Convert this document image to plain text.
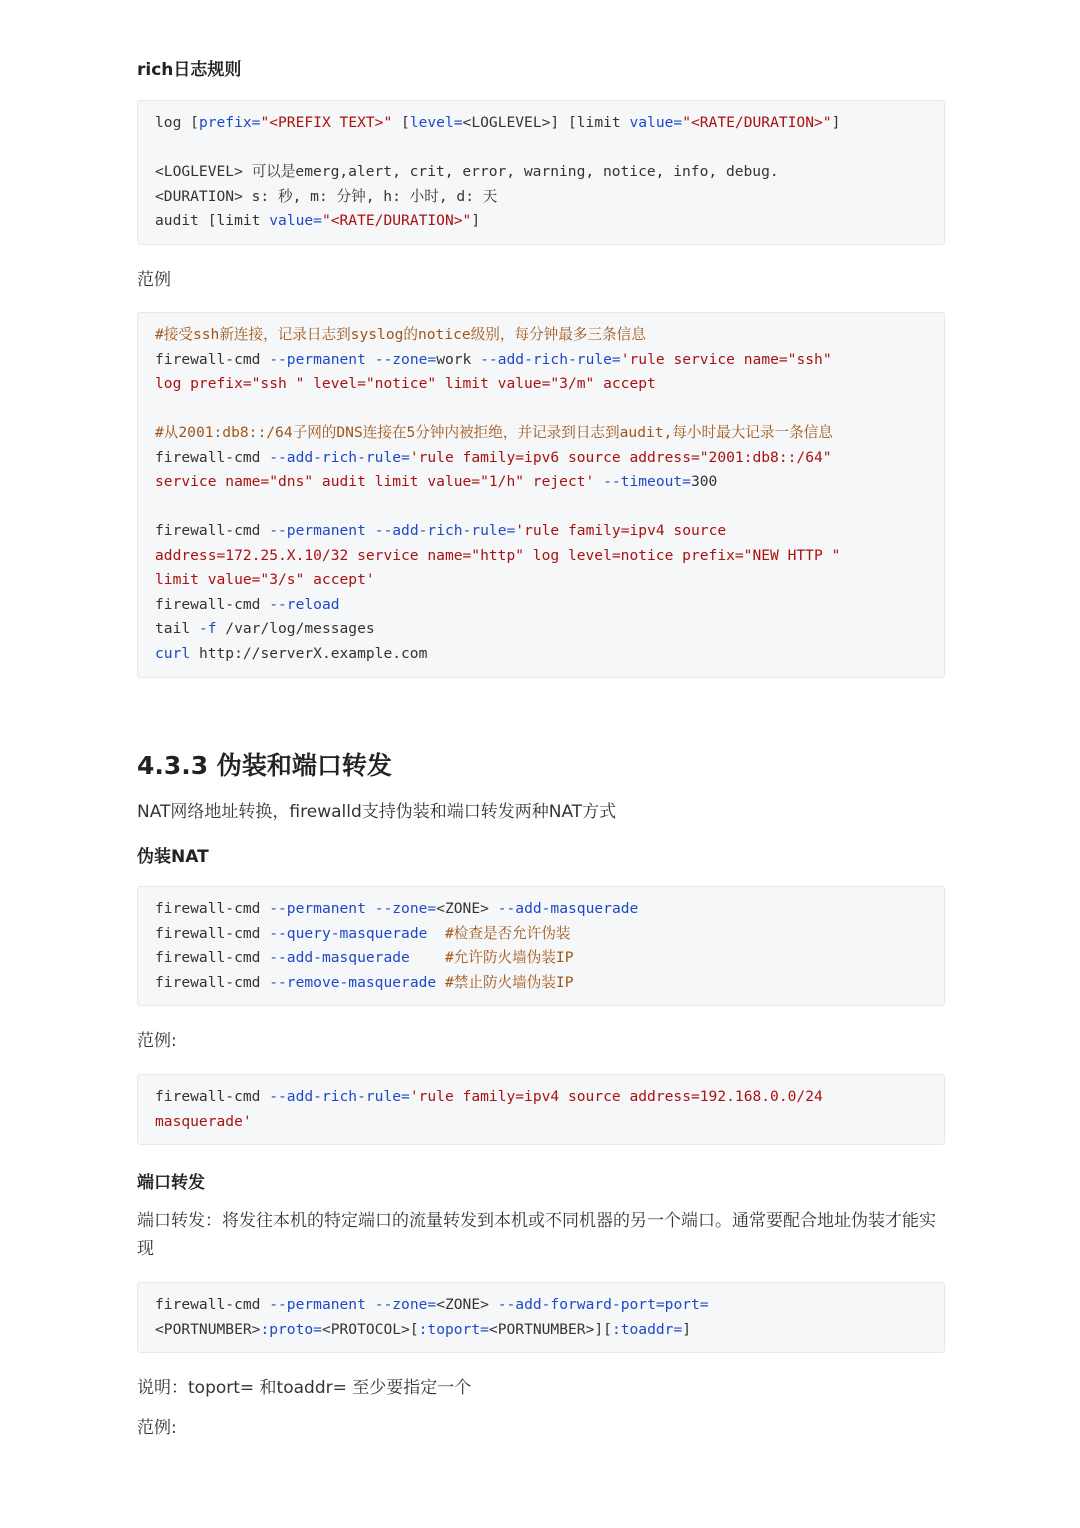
rich日志规则
log [prefix="<PREFIX TEXT>" [level=<LOGLEVEL>] [limit value="<RATE/DURATION>"]

<LOGLEVEL> 可以是emerg,alert, crit, error, warning, notice, info, debug.
<DURATION> s: 秒, m: 分钟, h: 小时, d: 天
audit [limit value="<RATE/DURATION>"]

范例

#接受ssh新连接，记录日志到syslog的notice级别，每分钟最多三条信息
firewall-cmd --permanent --zone=work --add-rich-rule='rule service name="ssh"
log prefix="ssh " level="notice" limit value="3/m" accept

#从2001:db8::/64子网的DNS连接在5分钟内被拒绝，并记录到日志到audit,每小时最大记录一条信息
firewall-cmd --add-rich-rule='rule family=ipv6 source address="2001:db8::/64"
service name="dns" audit limit value="1/h" reject' --timeout=300

firewall-cmd --permanent --add-rich-rule='rule family=ipv4 source
address=172.25.X.10/32 service name="http" log level=notice prefix="NEW HTTP "
limit value="3/s" accept'
firewall-cmd --reload
tail -f /var/log/messages
curl http://serverX.example.com
4.3.3 伪装和端口转发

NAT网络地址转换，firewalld支持伪装和端口转发两种NAT方式

伪装NAT
firewall-cmd --permanent --zone=<ZONE> --add-masquerade
firewall-cmd --query-masquerade #检查是否允许伪装
firewall-cmd --add-masquerade #允许防火墙伪装IP
firewall-cmd --remove-masquerade #禁止防火墙伪装IP

范例:

firewall-cmd --add-rich-rule='rule family=ipv4 source address=192.168.0.0/24
masquerade'
端口转发

端口转发：将发往本机的特定端口的流量转发到本机或不同机器的另一个端口。通常要配合地址伪装才能实现

firewall-cmd --permanent --zone=<ZONE> --add-forward-port=port=
<PORTNUMBER>:proto=<PROTOCOL>[:toport=<PORTNUMBER>][:toaddr=]

说明：toport= 和toaddr= 至少要指定一个

范例:
